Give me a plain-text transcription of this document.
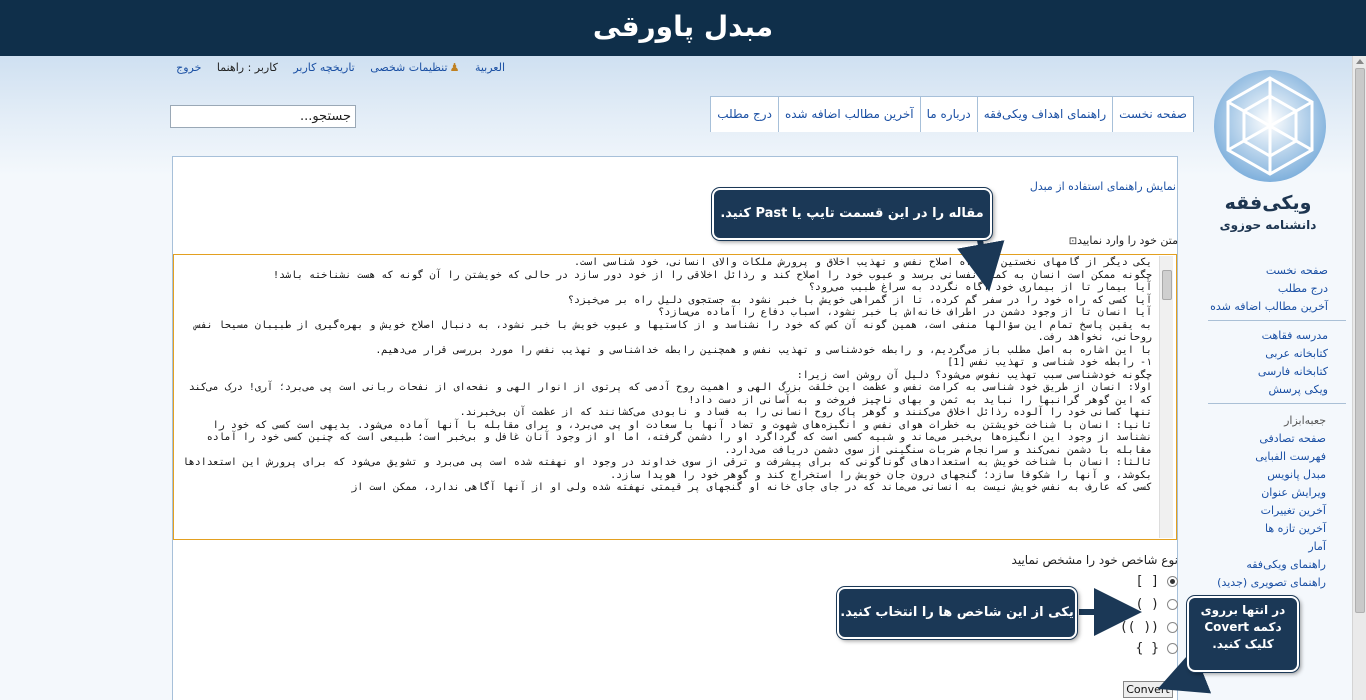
مبدل پاورقی
العربية ♟تنظیمات شخصی تاریخچه کاربر کاربر : راهنما خروج
جستجو...
صفحه نخست
راهنمای اهداف ویکی‌فقه
درباره ما
آخرین مطالب اضافه شده
درج مطلب
ویکی‌فقه
دانشنامه حوزوی
صفحه نخست
درج مطلب
آخرین مطالب اضافه شده
مدرسه فقاهت
کتابخانه عربی
کتابخانه فارسی
ویکی پرسش
جعبه‌ابزار
صفحه تصادفی
فهرست الفبایی
مبدل پانویس
ویرایش عنوان
آخرین تغییرات
آخرین تازه ها
آمار
راهنمای ویکی‌فقه
راهنمای تصویری (جدید)
نمایش راهنمای استفاده از مبدل
متن خود را وارد نمایید⊡
یکی دیگر از گامهای نخستین در راه اصلاح نفس و تهذیب اخلاق و پرورش ملکات والای انسانی، خود شناسی است. چگونه ممکن است انسان به کمال نفسانی برسد و عیوب خود را اصلاح کند و رذائل اخلاقی را از خود دور سازد در حالی که خویشتن را آن گونه که هست نشناخته باشد! آیا بیمار تا از بیماری خود آگاه نگردد به سراغ طبیب می‌رود؟ آیا کسی که راه خود را در سفر گم کرده، تا از گمراهی خویش با خبر نشود به جستجوی دلیل راه بر می‌خیزد؟ آیا انسان تا از وجود دشمن در اطراف خانه‌اش با خبر نشود، اسباب دفاع را آماده می‌سازد؟ به یقین پاسخ تمام این سؤالها منفی است، همین گونه آن کس که خود را نشناسد و از کاستیها و عیوب خویش با خبر نشود، به دنبال اصلاح خویش و بهره‌گیری از طبیبان مسیحا نفس روحانی، نخواهد رفت. با این اشاره به اصل مطلب باز می‌گردیم، و رابطه خودشناسی و تهذیب نفس و همچنین رابطه خداشناسی و تهذیب نفس را مورد بررسی قرار می‌دهیم. ۱- رابطه خود شناسی و تهذیب نفس [1] چگونه خودشناسی سبب تهذیب نفوس می‌شود؟ دلیل آن روشن است زیرا: اولا: انسان از طریق خود شناسی به کرامت نفس و عظمت این خلقت بزرگ الهی و اهمیت روح آدمی که پرتوی از انوار الهی و نفحه‌ای از نفحات ربانی است پی می‌برد؛ آری! درک می‌کند که این گوهر گرانبها را نباید به ثمن و بهای ناچیز فروخت و به آسانی از دست داد! تنها کسانی خود را آلوده رذائل اخلاق می‌کنند و گوهر پاک روح انسانی را به فساد و نابودی می‌کشانند که از عظمت آن بی‌خبرند. ثانیا: انسان با شناخت خویشتن به خطرات هوای نفس و انگیزه‌های شهوت و تضاد آنها با سعادت او پی می‌برد، و برای مقابله با آنها آماده می‌شود. بدیهی است کسی که خود را نشناسد از وجود این انگیزه‌ها بی‌خبر می‌ماند و شبیه کسی است که گرداگرد او را دشمن گرفته، اما او از وجود آنان غافل و بی‌خبر است؛ طبیعی است که چنین کسی خود را آماده مقابله با دشمن نمی‌کند و سرانجام ضربات سنگینی از سوی دشمن دریافت می‌دارد. ثالثا: انسان با شناخت خویش به استعدادهای گوناگونی که برای پیشرفت و ترقی از سوی خداوند در وجود او نهفته شده است پی می‌برد و تشویق می‌شود که برای پرورش این استعدادها بکوشد، و آنها را شکوفا سازد؛ گنجهای درون جان خویش را استخراج کند و گوهر خود را هویدا سازد. کسی که عارف به نفس خویش نیست به انسانی می‌ماند که در جای جای خانه او گنجهای پر قیمتی نهفته شده ولی او از آنها آگاهی ندارد، ممکن است از
نوع شاخص خود را مشخص نمایید
[ ]
( )
(( ))
{ }
Convert
مقاله را در این قسمت تایپ یا Past کنید.
یکی از این شاخص ها را انتخاب کنید.	در انتها برروی
دکمه Covert
کلیک کنید.
